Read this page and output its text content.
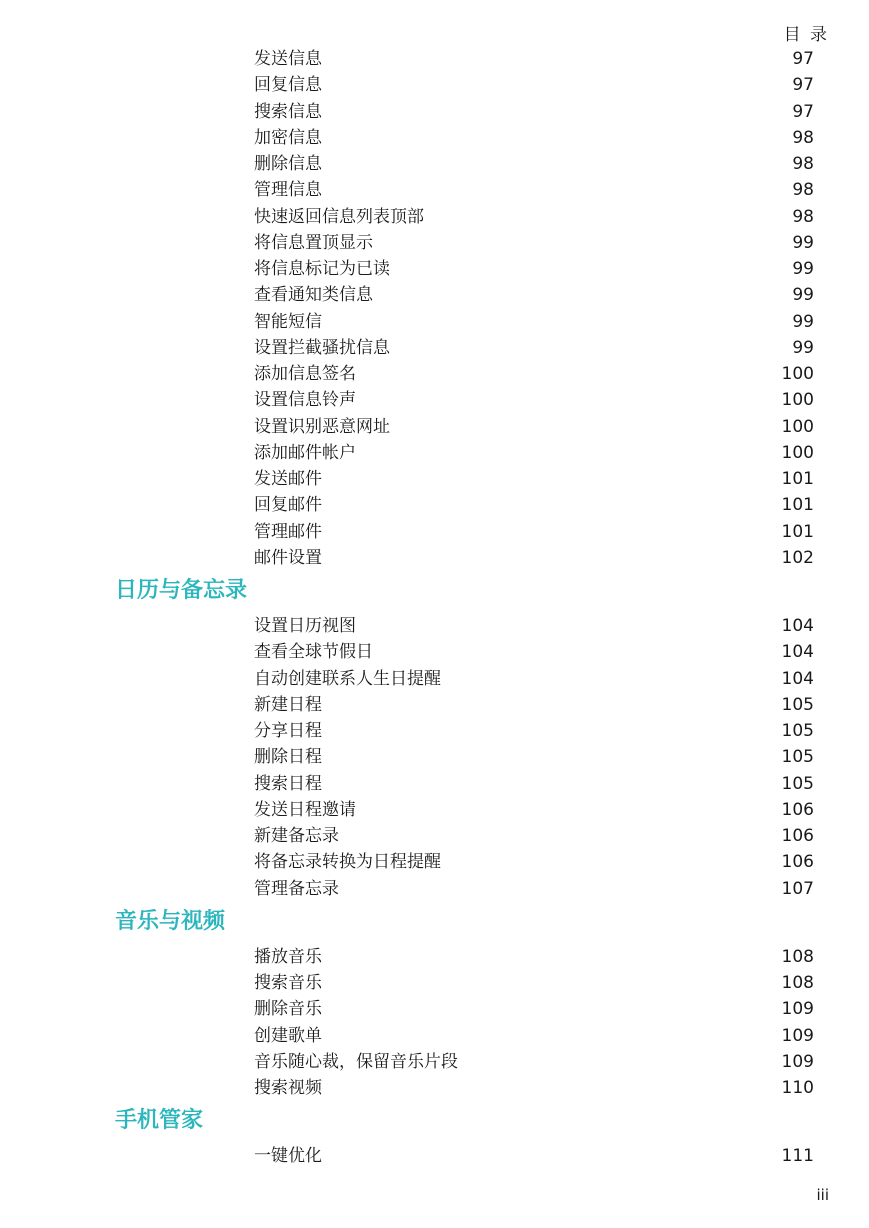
目 录
发送信息	97
回复信息	97
搜索信息	97
加密信息	98
删除信息	98
管理信息	98
快速返回信息列表顶部	98
将信息置顶显示	99
将信息标记为已读	99
查看通知类信息	99
智能短信	99
设置拦截骚扰信息	99
添加信息签名	100
设置信息铃声	100
设置识别恶意网址	100
添加邮件帐户	100
发送邮件	101
回复邮件	101
管理邮件	101
邮件设置	102
日历与备忘录
设置日历视图	104
查看全球节假日	104
自动创建联系人生日提醒	104
新建日程	105
分享日程	105
删除日程	105
搜索日程	105
发送日程邀请	106
新建备忘录	106
将备忘录转换为日程提醒	106
管理备忘录	107
音乐与视频
播放音乐	108
搜索音乐	108
删除音乐	109
创建歌单	109
音乐随心裁，保留音乐片段	109
搜索视频	110
手机管家
一键优化	111
iii
